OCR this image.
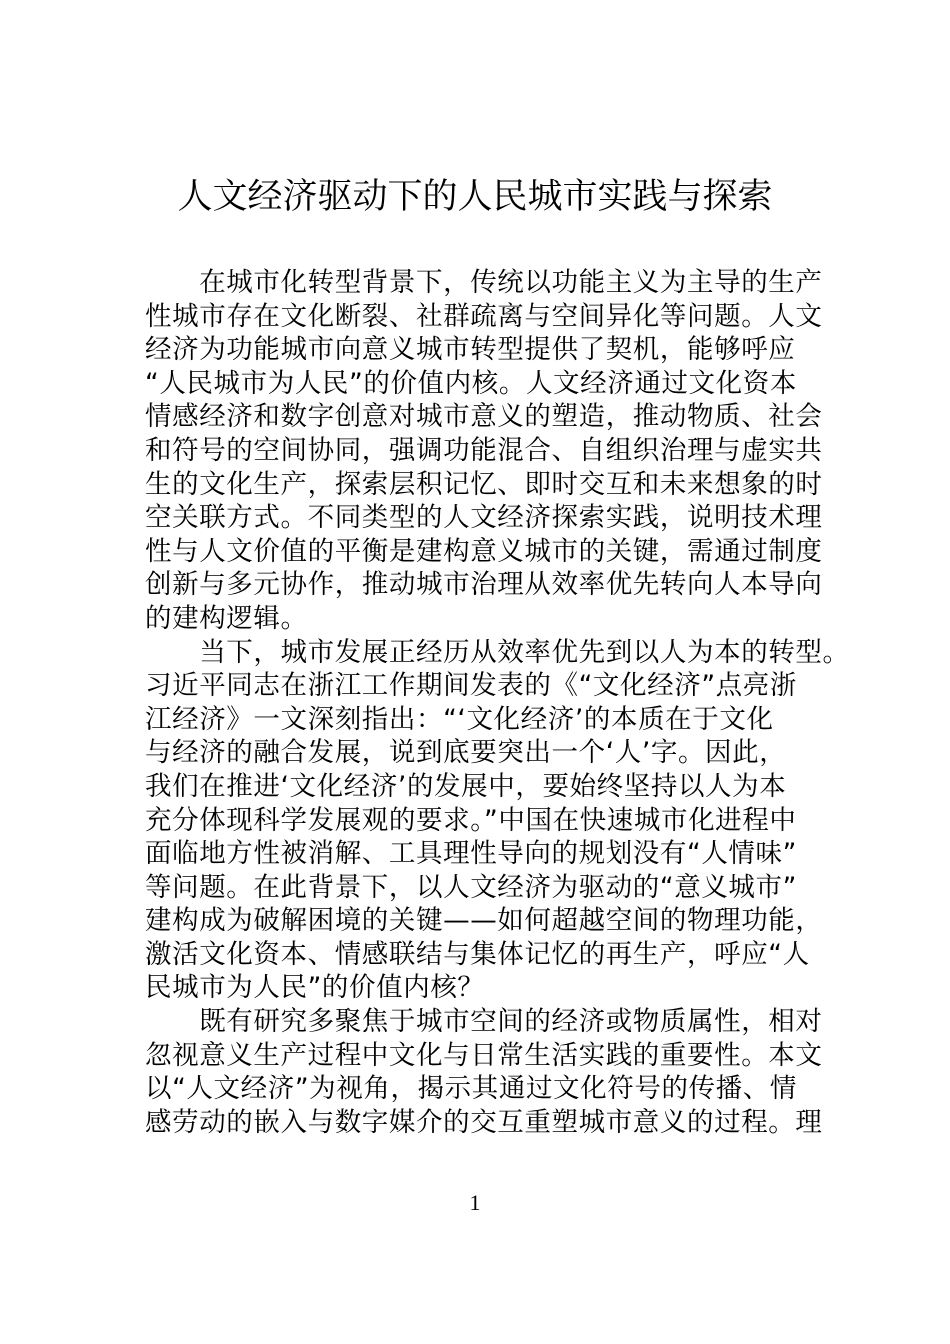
人文经济驱动下的人民城市实践与探索
　　在城市化转型背景下，传统以功能主义为主导的生产
性城市存在文化断裂、社群疏离与空间异化等问题。人文
经济为功能城市向意义城市转型提供了契机，能够呼应
“人民城市为人民”的价值内核。人文经济通过文化资本
情感经济和数字创意对城市意义的塑造，推动物质、社会
和符号的空间协同，强调功能混合、自组织治理与虚实共
生的文化生产，探索层积记忆、即时交互和未来想象的时
空关联方式。不同类型的人文经济探索实践，说明技术理
性与人文价值的平衡是建构意义城市的关键，需通过制度
创新与多元协作，推动城市治理从效率优先转向人本导向
的建构逻辑。
　　当下，城市发展正经历从效率优先到以人为本的转型。
习近平同志在浙江工作期间发表的《“文化经济”点亮浙
江经济》一文深刻指出：“‘文化经济’的本质在于文化
与经济的融合发展，说到底要突出一个‘人’字。因此，
我们在推进‘文化经济’的发展中，要始终坚持以人为本
充分体现科学发展观的要求。”中国在快速城市化进程中
面临地方性被消解、工具理性导向的规划没有“人情味”
等问题。在此背景下，以人文经济为驱动的“意义城市”
建构成为破解困境的关键——如何超越空间的物理功能，
激活文化资本、情感联结与集体记忆的再生产，呼应“人
民城市为人民”的价值内核？
　　既有研究多聚焦于城市空间的经济或物质属性，相对
忽视意义生产过程中文化与日常生活实践的重要性。本文
以“人文经济”为视角，揭示其通过文化符号的传播、情
感劳动的嵌入与数字媒介的交互重塑城市意义的过程。理
1
